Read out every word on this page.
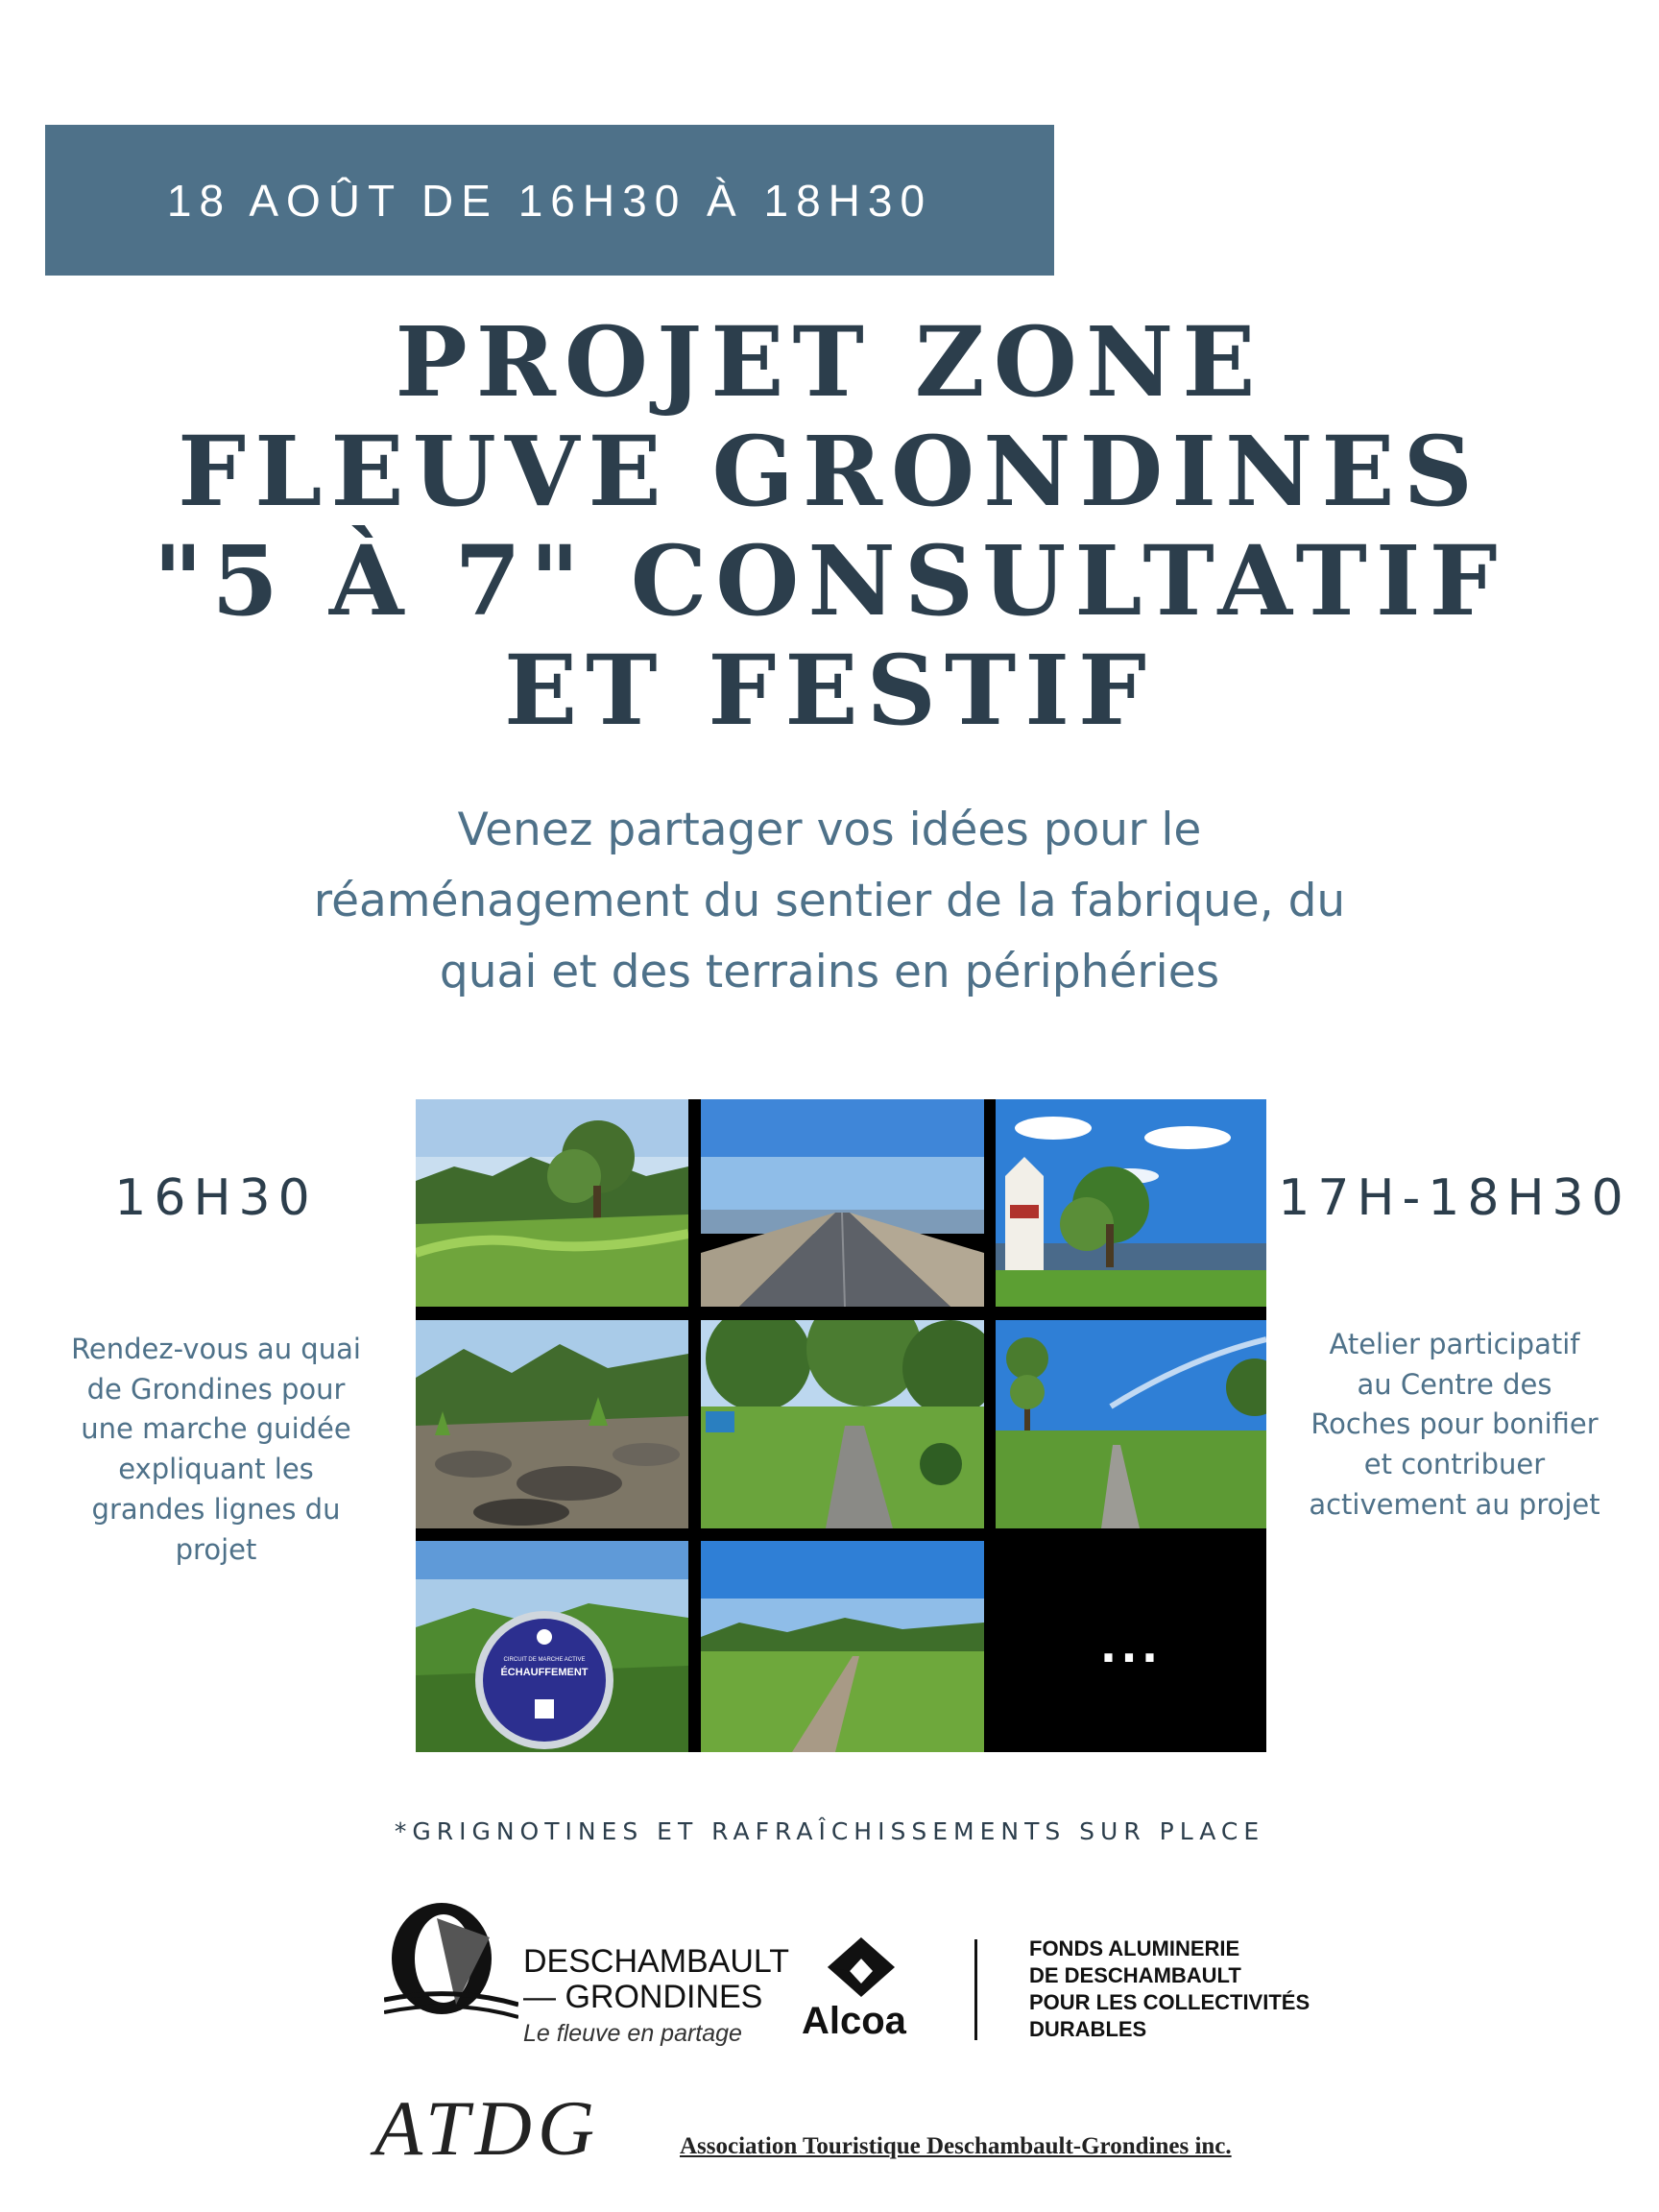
18 AOÛT DE 16H30 À 18H30
PROJET ZONE
FLEUVE GRONDINES
"5 À 7" CONSULTATIF
ET FESTIF
Venez partager vos idées pour le
réaménagement du sentier de la fabrique, du
quai et des terrains en périphéries
16H30
Rendez-vous au quai
de Grondines pour
une marche guidée
expliquant les
grandes lignes du
projet
17H-18H30
Atelier participatif
au Centre des
Roches pour bonifier
et contribuer
activement au projet
CIRCUIT DE MARCHE ACTIVE
ÉCHAUFFEMENT	...
*GRIGNOTINES ET RAFRAÎCHISSEMENTS SUR PLACE
DESCHAMBAULT
— GRONDINES
Le fleuve en partage Alcoa
FONDS ALUMINERIE
DE DESCHAMBAULT
POUR LES COLLECTIVITÉS
DURABLES
ATDG	Association Touristique Deschambault-Grondines inc.
